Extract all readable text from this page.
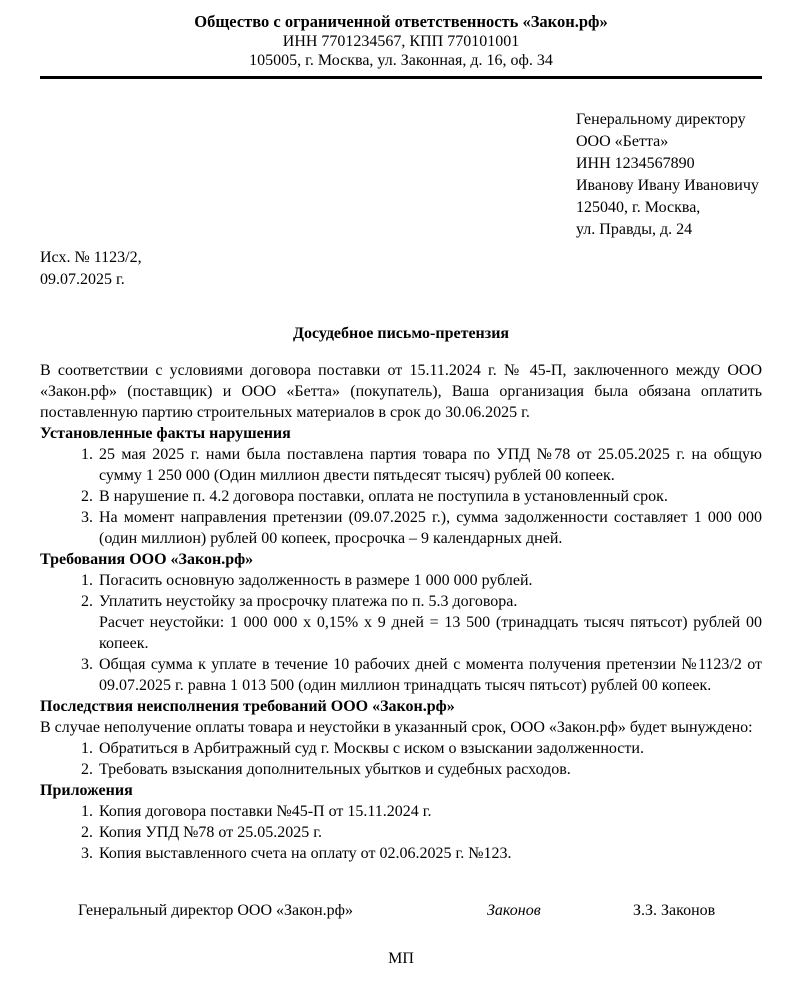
Общество с ограниченной ответственность «Закон.рф»
ИНН 7701234567, КПП 770101001
105005, г. Москва, ул. Законная, д. 16, оф. 34
Генеральному директору
ООО «Бетта»
ИНН 1234567890
Иванову Ивану Ивановичу
125040, г. Москва,
ул. Правды, д. 24
Исх. № 1123/2,
09.07.2025 г.
Досудебное письмо-претензия
В соответствии с условиями договора поставки от 15.11.2024 г. № 45-П, заключенного между ООО «Закон.рф» (поставщик) и ООО «Бетта» (покупатель), Ваша организация была обязана оплатить поставленную партию строительных материалов в срок до 30.06.2025 г.
Установленные факты нарушения
1. 25 мая 2025 г. нами была поставлена партия товара по УПД №78 от 25.05.2025 г. на общую сумму 1 250 000 (Один миллион двести пятьдесят тысяч) рублей 00 копеек.
2. В нарушение п. 4.2 договора поставки, оплата не поступила в установленный срок.
3. На момент направления претензии (09.07.2025 г.), сумма задолженности составляет 1 000 000 (один миллион) рублей 00 копеек, просрочка – 9 календарных дней.
Требования ООО «Закон.рф»
1. Погасить основную задолженность в размере 1 000 000 рублей.
2. Уплатить неустойку за просрочку платежа по п. 5.3 договора.
Расчет неустойки: 1 000 000 x 0,15% x 9 дней = 13 500 (тринадцать тысяч пятьсот) рублей 00 копеек.
3. Общая сумма к уплате в течение 10 рабочих дней с момента получения претензии №1123/2 от 09.07.2025 г. равна 1 013 500 (один миллион тринадцать тысяч пятьсот) рублей 00 копеек.
Последствия неисполнения требований ООО «Закон.рф»
В случае неполучение оплаты товара и неустойки в указанный срок, ООО «Закон.рф» будет вынуждено:
1. Обратиться в Арбитражный суд г. Москвы с иском о взыскании задолженности.
2. Требовать взыскания дополнительных убытков и судебных расходов.
Приложения
1. Копия договора поставки №45-П от 15.11.2024 г.
2. Копия УПД №78 от 25.05.2025 г.
3. Копия выставленного счета на оплату от 02.06.2025 г. №123.
Генеральный директор ООО «Закон.рф»	Законов	З.З. Законов
МП
